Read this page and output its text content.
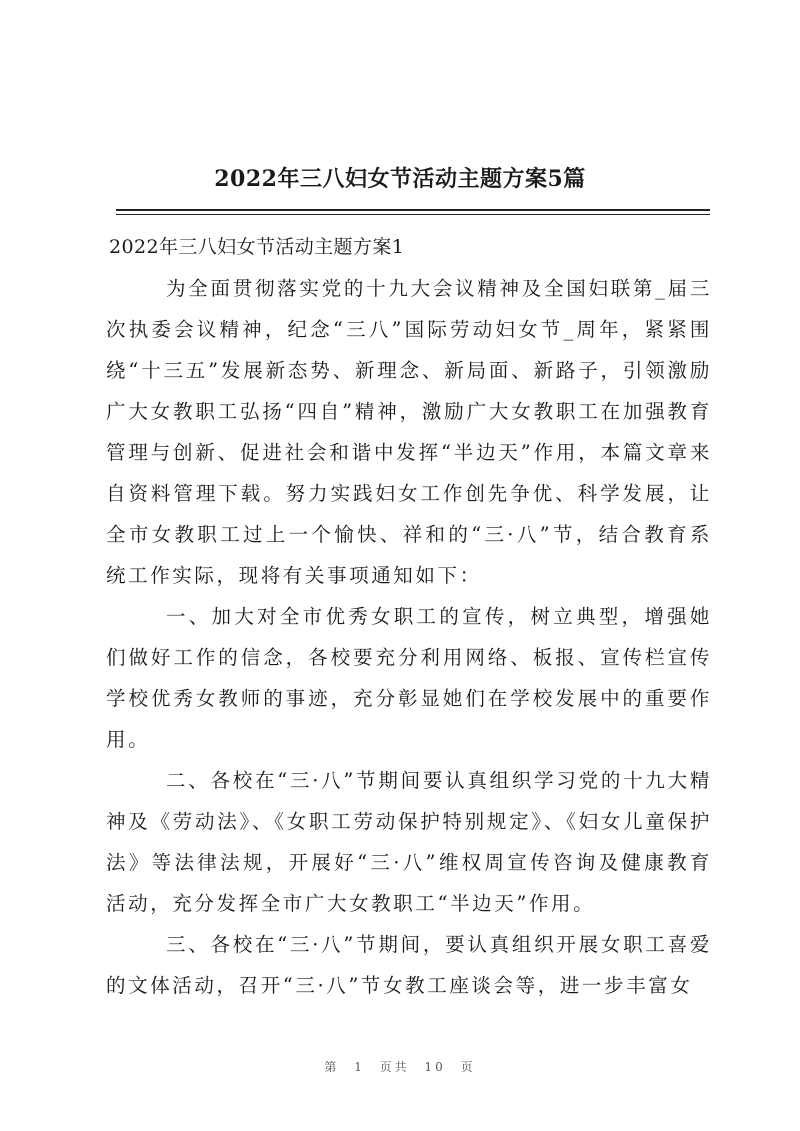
2022年三八妇女节活动主题方案5篇

2022年三八妇女节活动主题方案1

为全面贯彻落实党的十九大会议精神及全国妇联第_届三次执委会议精神，纪念“三八”国际劳动妇女节_周年，紧紧围绕“十三五”发展新态势、新理念、新局面、新路子，引领激励广大女教职工弘扬“四自”精神，激励广大女教职工在加强教育管理与创新、促进社会和谐中发挥“半边天”作用，本篇文章来自资料管理下载。努力实践妇女工作创先争优、科学发展，让全市女教职工过上一个愉快、祥和的“三·八”节，结合教育系统工作实际，现将有关事项通知如下：

一、加大对全市优秀女职工的宣传，树立典型，增强她们做好工作的信念，各校要充分利用网络、板报、宣传栏宣传学校优秀女教师的事迹，充分彰显她们在学校发展中的重要作用。

二、各校在“三·八”节期间要认真组织学习党的十九大精神及《劳动法》、《女职工劳动保护特别规定》、《妇女儿童保护法》等法律法规，开展好“三·八”维权周宣传咨询及健康教育活动，充分发挥全市广大女教职工“半边天”作用。

三、各校在“三·八”节期间，要认真组织开展女职工喜爱的文体活动，召开“三·八”节女教工座谈会等，进一步丰富女

第 1 页共 10 页
